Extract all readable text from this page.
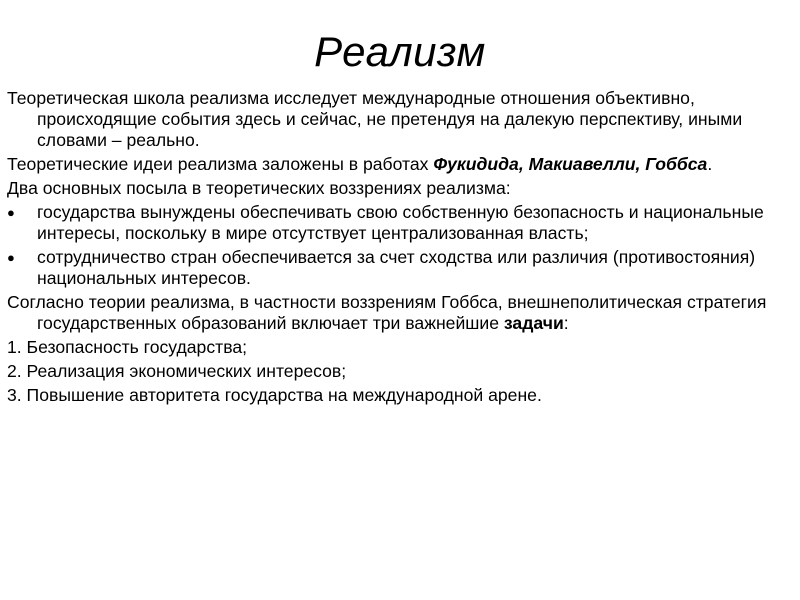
Реализм
Теоретическая школа реализма исследует международные отношения объективно, происходящие события здесь и сейчас, не претендуя на далекую перспективу, иными словами – реально.
Теоретические идеи реализма заложены в работах Фукидида, Макиавелли, Гоббса.
Два основных посыла в теоретических воззрениях реализма:
●	государства вынуждены обеспечивать свою собственную безопасность и национальные интересы, поскольку в мире отсутствует централизованная власть;
●	сотрудничество стран обеспечивается за счет сходства или различия (противостояния) национальных интересов.
Согласно теории реализма, в частности воззрениям Гоббса, внешнеполитическая стратегия государственных образований включает три важнейшие задачи:
1. Безопасность государства;
2. Реализация экономических интересов;
3. Повышение авторитета государства на международной арене.
